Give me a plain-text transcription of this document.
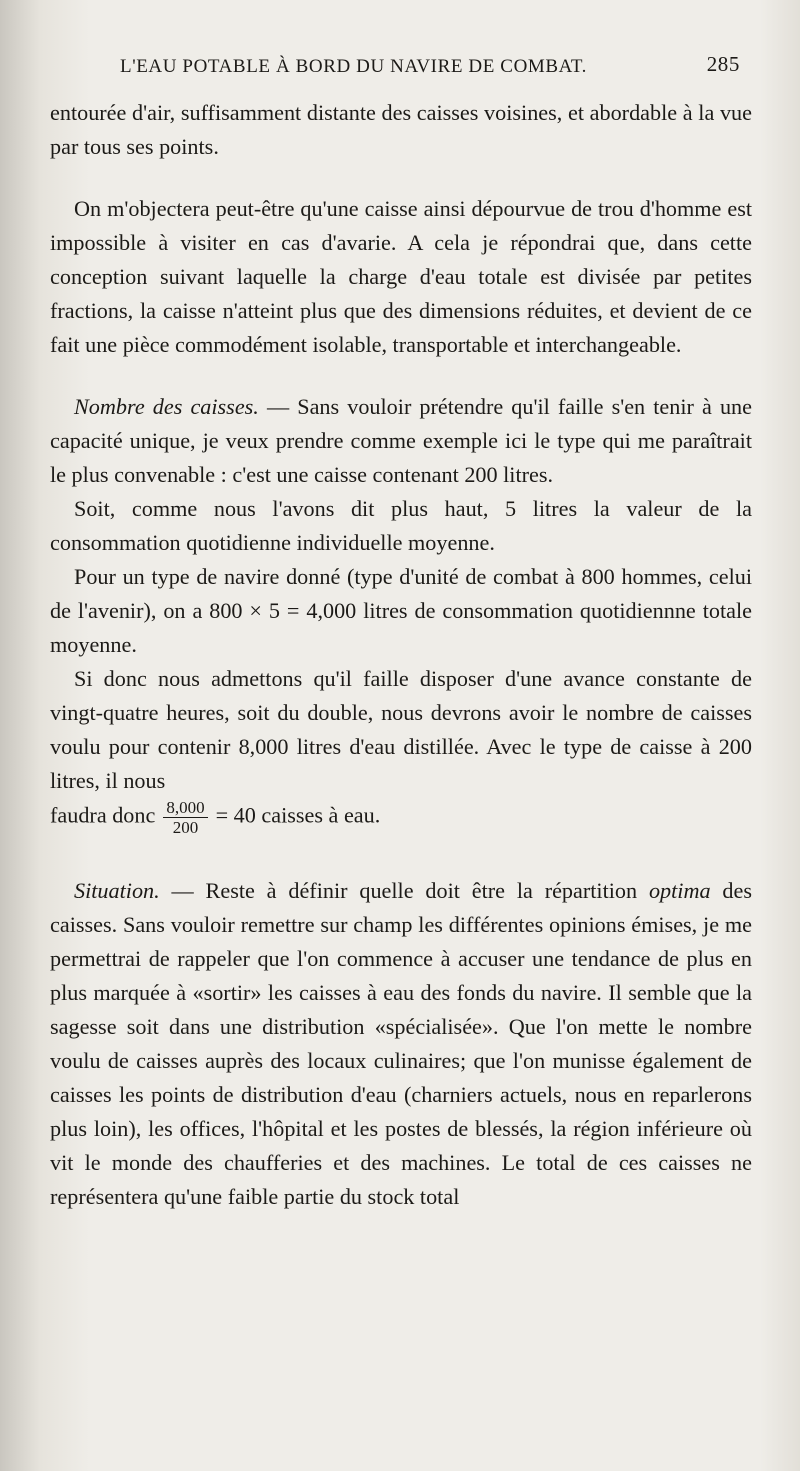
L'EAU POTABLE À BORD DU NAVIRE DE COMBAT.	285

entourée d'air, suffisamment distante des caisses voisines, et abordable à la vue par tous ses points.

On m'objectera peut-être qu'une caisse ainsi dépourvue de trou d'homme est impossible à visiter en cas d'avarie. A cela je répondrai que, dans cette conception suivant laquelle la charge d'eau totale est divisée par petites fractions, la caisse n'atteint plus que des dimensions réduites, et devient de ce fait une pièce commodément isolable, transportable et interchangeable.

Nombre des caisses. — Sans vouloir prétendre qu'il faille s'en tenir à une capacité unique, je veux prendre comme exemple ici le type qui me paraîtrait le plus convenable : c'est une caisse contenant 200 litres.

Soit, comme nous l'avons dit plus haut, 5 litres la valeur de la consommation quotidienne individuelle moyenne.

Pour un type de navire donné (type d'unité de combat à 800 hommes, celui de l'avenir), on a 800 × 5 = 4,000 litres de consommation quotidiennne totale moyenne.

Si donc nous admettons qu'il faille disposer d'une avance constante de vingt-quatre heures, soit du double, nous devrons avoir le nombre de caisses voulu pour contenir 8,000 litres d'eau distillée. Avec le type de caisse à 200 litres, il nous

faudra donc $\frac{8,000}{200} = 40$ caisses à eau.

Situation. — Reste à définir quelle doit être la répartition optima des caisses. Sans vouloir remettre sur champ les différentes opinions émises, je me permettrai de rappeler que l'on commence à accuser une tendance de plus en plus marquée à «sortir» les caisses à eau des fonds du navire. Il semble que la sagesse soit dans une distribution «spécialisée». Que l'on mette le nombre voulu de caisses auprès des locaux culinaires; que l'on munisse également de caisses les points de distribution d'eau (charniers actuels, nous en reparlerons plus loin), les offices, l'hôpital et les postes de blessés, la région inférieure où vit le monde des chaufferies et des machines. Le total de ces caisses ne représentera qu'une faible partie du stock total
